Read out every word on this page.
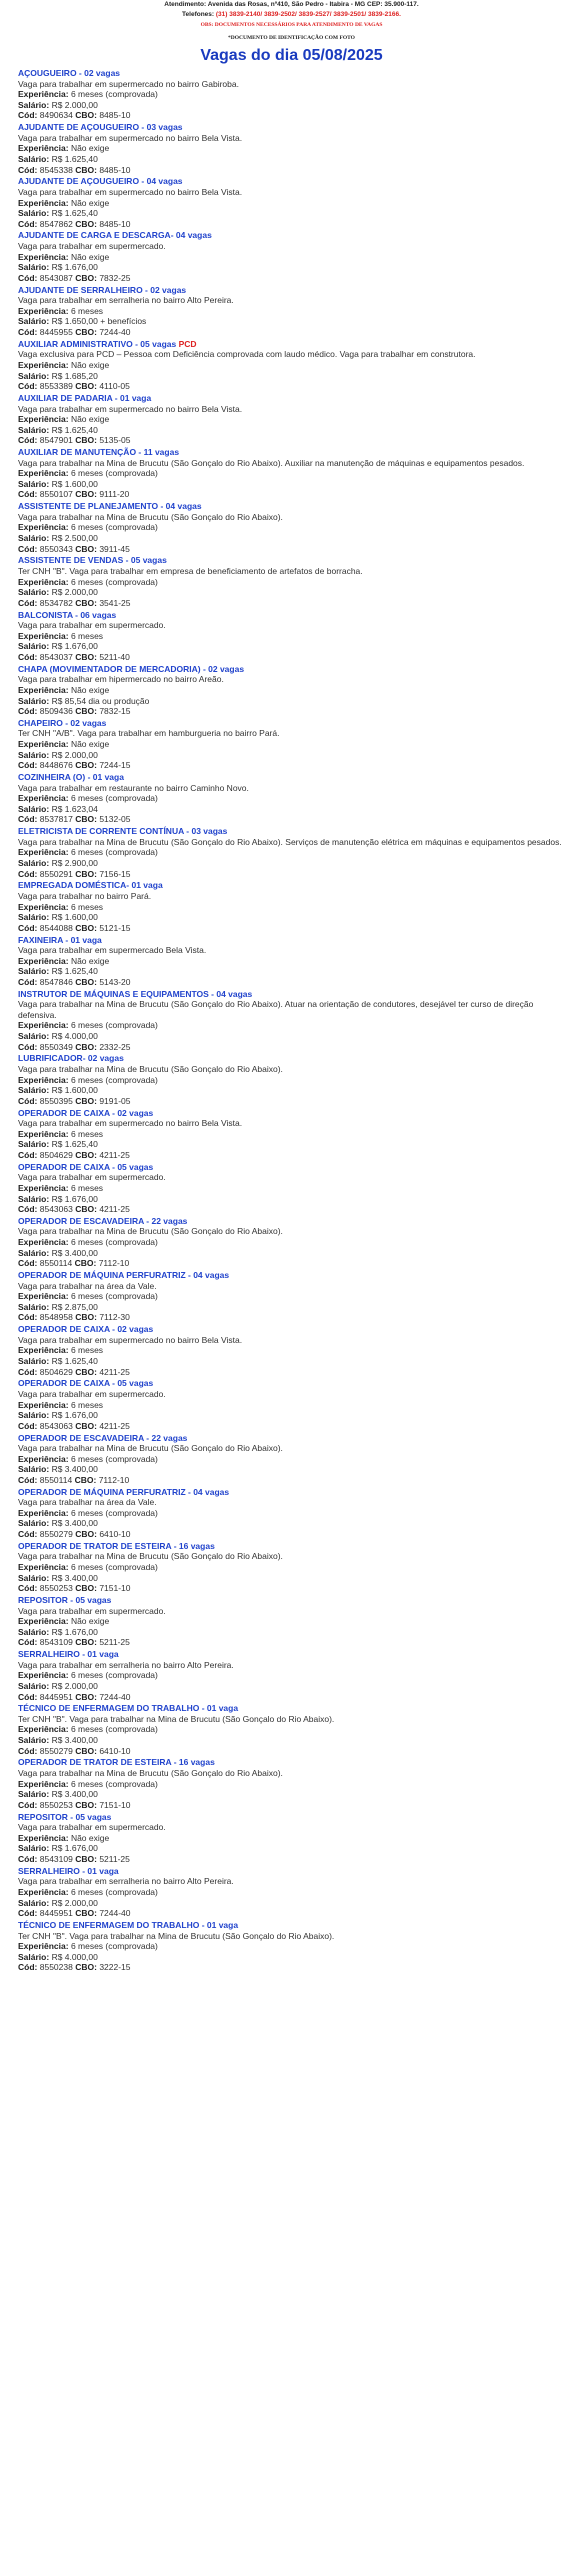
Atendimento: Avenida das Rosas, nº410, São Pedro - Itabira - MG CEP: 35.900-117.
Telefones: (31) 3839-2140/ 3839-2502/ 3839-2527/ 3839-2501/ 3839-2166.
OBS: DOCUMENTOS NECESSÁRIOS PARA ATENDIMENTO DE VAGAS
*DOCUMENTO DE IDENTIFICAÇÃO COM FOTO
Vagas do dia 05/08/2025
AÇOUGUEIRO - 02 vagas
Vaga para trabalhar em supermercado no bairro Gabiroba.
Experiência: 6 meses (comprovada)
Salário: R$ 2.000,00
Cód: 8490634 CBO: 8485-10
AJUDANTE DE AÇOUGUEIRO - 03 vagas
Vaga para trabalhar em supermercado no bairro Bela Vista.
Experiência: Não exige
Salário: R$ 1.625,40
Cód: 8545338 CBO: 8485-10
AJUDANTE DE AÇOUGUEIRO - 04 vagas
Vaga para trabalhar em supermercado no bairro Bela Vista.
Experiência: Não exige
Salário: R$ 1.625,40
Cód: 8547862 CBO: 8485-10
AJUDANTE DE CARGA E DESCARGA- 04 vagas
Vaga para trabalhar em supermercado.
Experiência: Não exige
Salário: R$ 1.676,00
Cód: 8543087 CBO: 7832-25
AJUDANTE DE SERRALHEIRO - 02 vagas
Vaga para trabalhar em serralheria no bairro Alto Pereira.
Experiência: 6 meses
Salário: R$ 1.650,00 + benefícios
Cód: 8445955 CBO: 7244-40
AUXILIAR ADMINISTRATIVO - 05 vagas PCD
Vaga exclusiva para PCD – Pessoa com Deficiência comprovada com laudo médico. Vaga para trabalhar em construtora.
Experiência: Não exige
Salário: R$ 1.685,20
Cód: 8553389 CBO: 4110-05
AUXILIAR DE PADARIA - 01 vaga
Vaga para trabalhar em supermercado no bairro Bela Vista.
Experiência: Não exige
Salário: R$ 1.625,40
Cód: 8547901 CBO: 5135-05
AUXILIAR DE MANUTENÇÃO - 11 vagas
Vaga para trabalhar na Mina de Brucutu (São Gonçalo do Rio Abaixo). Auxiliar na manutenção de máquinas e equipamentos pesados.
Experiência: 6 meses (comprovada)
Salário: R$ 1.600,00
Cód: 8550107 CBO: 9111-20
ASSISTENTE DE PLANEJAMENTO - 04 vagas
Vaga para trabalhar na Mina de Brucutu (São Gonçalo do Rio Abaixo).
Experiência: 6 meses (comprovada)
Salário: R$ 2.500,00
Cód: 8550343 CBO: 3911-45
ASSISTENTE DE VENDAS - 05 vagas
Ter CNH "B". Vaga para trabalhar em empresa de beneficiamento de artefatos de borracha.
Experiência: 6 meses (comprovada)
Salário: R$ 2.000,00
Cód: 8534782 CBO: 3541-25
BALCONISTA - 06 vagas
Vaga para trabalhar em supermercado.
Experiência: 6 meses
Salário: R$ 1.676,00
Cód: 8543037 CBO: 5211-40
CHAPA (MOVIMENTADOR DE MERCADORIA) - 02 vagas
Vaga para trabalhar em hipermercado no bairro Areão.
Experiência: Não exige
Salário: R$ 85,54 dia ou produção
Cód: 8509436 CBO: 7832-15
CHAPEIRO - 02 vagas
Ter CNH "A/B". Vaga para trabalhar em hamburgueria no bairro Pará.
Experiência: Não exige
Salário: R$ 2.000,00
Cód: 8448676 CBO: 7244-15
COZINHEIRA (O) - 01 vaga
Vaga para trabalhar em restaurante no bairro Caminho Novo.
Experiência: 6 meses (comprovada)
Salário: R$ 1.623,04
Cód: 8537817 CBO: 5132-05
ELETRICISTA DE CORRENTE CONTÍNUA - 03 vagas
Vaga para trabalhar na Mina de Brucutu (São Gonçalo do Rio Abaixo). Serviços de manutenção elétrica em máquinas e equipamentos pesados.
Experiência: 6 meses (comprovada)
Salário: R$ 2.900,00
Cód: 8550291 CBO: 7156-15
EMPREGADA DOMÉSTICA- 01 vaga
Vaga para trabalhar no bairro Pará.
Experiência: 6 meses
Salário: R$ 1.600,00
Cód: 8544088 CBO: 5121-15
FAXINEIRA - 01 vaga
Vaga para trabalhar em supermercado Bela Vista.
Experiência: Não exige
Salário: R$ 1.625,40
Cód: 8547846 CBO: 5143-20
INSTRUTOR DE MÁQUINAS E EQUIPAMENTOS - 04 vagas
Vaga para trabalhar na Mina de Brucutu (São Gonçalo do Rio Abaixo). Atuar na orientação de condutores, desejável ter curso de direção defensiva.
Experiência: 6 meses (comprovada)
Salário: R$ 4.000,00
Cód: 8550349 CBO: 2332-25
LUBRIFICADOR- 02 vagas
Vaga para trabalhar na Mina de Brucutu (São Gonçalo do Rio Abaixo).
Experiência: 6 meses (comprovada)
Salário: R$ 1.600,00
Cód: 8550395 CBO: 9191-05
OPERADOR DE CAIXA - 02 vagas
Vaga para trabalhar em supermercado no bairro Bela Vista.
Experiência: 6 meses
Salário: R$ 1.625,40
Cód: 8504629 CBO: 4211-25
OPERADOR DE CAIXA - 05 vagas
Vaga para trabalhar em supermercado.
Experiência: 6 meses
Salário: R$ 1.676,00
Cód: 8543063 CBO: 4211-25
OPERADOR DE ESCAVADEIRA - 22 vagas
Vaga para trabalhar na Mina de Brucutu (São Gonçalo do Rio Abaixo).
Experiência: 6 meses (comprovada)
Salário: R$ 3.400,00
Cód: 8550114 CBO: 7112-10
OPERADOR DE MÁQUINA PERFURATRIZ - 04 vagas
Vaga para trabalhar na área da Vale.
Experiência: 6 meses (comprovada)
Salário: R$ 2.875,00
Cód: 8548958 CBO: 7112-30
OPERADOR DE CAIXA - 02 vagas
Vaga para trabalhar em supermercado no bairro Bela Vista.
Experiência: 6 meses
Salário: R$ 1.625,40
Cód: 8504629 CBO: 4211-25
OPERADOR DE CAIXA - 05 vagas
Vaga para trabalhar em supermercado.
Experiência: 6 meses
Salário: R$ 1.676,00
Cód: 8543063 CBO: 4211-25
OPERADOR DE ESCAVADEIRA - 22 vagas
Vaga para trabalhar na Mina de Brucutu (São Gonçalo do Rio Abaixo).
Experiência: 6 meses (comprovada)
Salário: R$ 3.400,00
Cód: 8550114 CBO: 7112-10
OPERADOR DE MÁQUINA PERFURATRIZ - 04 vagas
Vaga para trabalhar na área da Vale.
Experiência: 6 meses (comprovada)
Salário: R$ 3.400,00
Cód: 8550279 CBO: 6410-10
OPERADOR DE TRATOR DE ESTEIRA - 16 vagas
Vaga para trabalhar na Mina de Brucutu (São Gonçalo do Rio Abaixo).
Experiência: 6 meses (comprovada)
Salário: R$ 3.400,00
Cód: 8550253 CBO: 7151-10
REPOSITOR - 05 vagas
Vaga para trabalhar em supermercado.
Experiência: Não exige
Salário: R$ 1.676,00
Cód: 8543109 CBO: 5211-25
SERRALHEIRO - 01 vaga
Vaga para trabalhar em serralheria no bairro Alto Pereira.
Experiência: 6 meses (comprovada)
Salário: R$ 2.000,00
Cód: 8445951 CBO: 7244-40
TÉCNICO DE ENFERMAGEM DO TRABALHO - 01 vaga
Ter CNH "B". Vaga para trabalhar na Mina de Brucutu (São Gonçalo do Rio Abaixo).
Experiência: 6 meses (comprovada)
Salário: R$ 3.400,00
Cód: 8550279 CBO: 6410-10
OPERADOR DE TRATOR DE ESTEIRA - 16 vagas
Vaga para trabalhar na Mina de Brucutu (São Gonçalo do Rio Abaixo).
Experiência: 6 meses (comprovada)
Salário: R$ 3.400,00
Cód: 8550253 CBO: 7151-10
REPOSITOR - 05 vagas
Vaga para trabalhar em supermercado.
Experiência: Não exige
Salário: R$ 1.676,00
Cód: 8543109 CBO: 5211-25
SERRALHEIRO - 01 vaga
Vaga para trabalhar em serralheria no bairro Alto Pereira.
Experiência: 6 meses (comprovada)
Salário: R$ 2.000,00
Cód: 8445951 CBO: 7244-40
TÉCNICO DE ENFERMAGEM DO TRABALHO - 01 vaga
Ter CNH "B". Vaga para trabalhar na Mina de Brucutu (São Gonçalo do Rio Abaixo).
Experiência: 6 meses (comprovada)
Salário: R$ 4.000,00
Cód: 8550238 CBO: 3222-15
